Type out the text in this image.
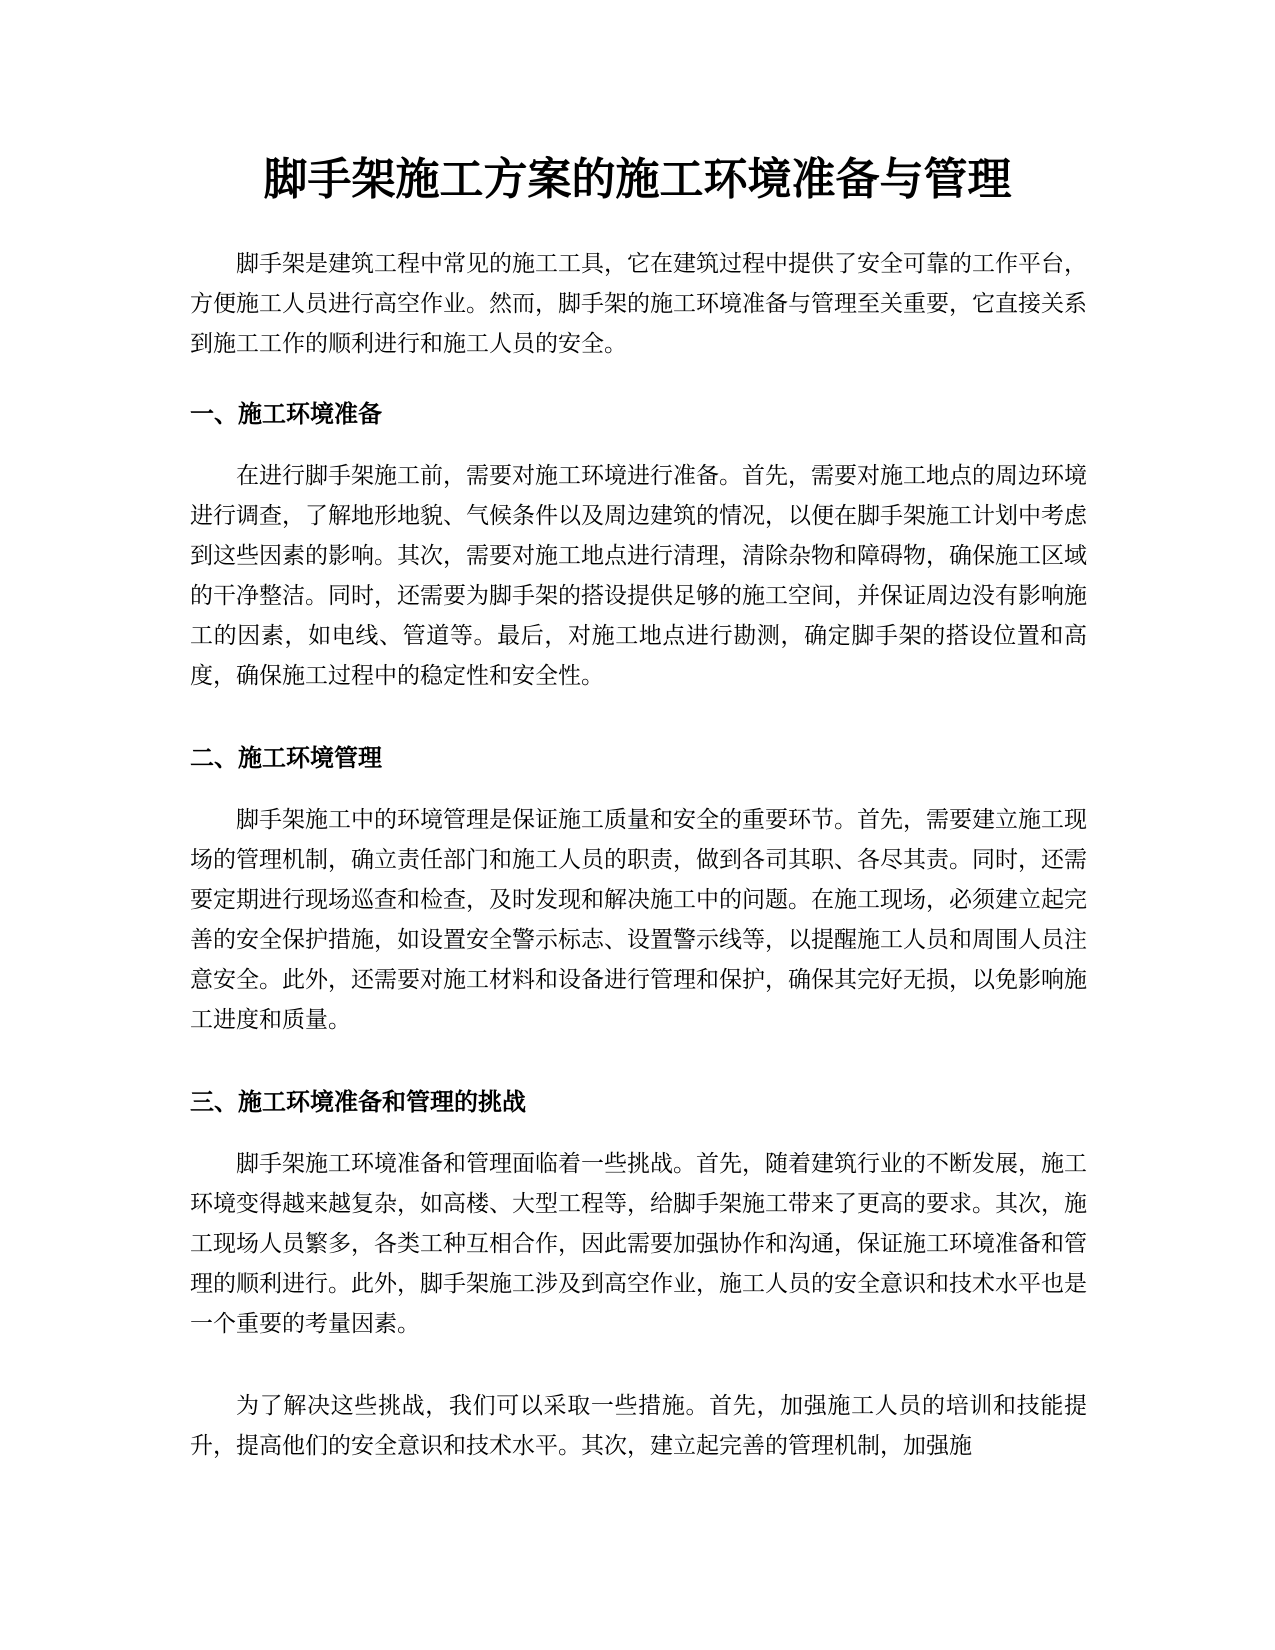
脚手架施工方案的施工环境准备与管理

脚手架是建筑工程中常见的施工工具，它在建筑过程中提供了安全可靠的工作平台，方便施工人员进行高空作业。然而，脚手架的施工环境准备与管理至关重要，它直接关系到施工工作的顺利进行和施工人员的安全。

一、施工环境准备

在进行脚手架施工前，需要对施工环境进行准备。首先，需要对施工地点的周边环境进行调查，了解地形地貌、气候条件以及周边建筑的情况，以便在脚手架施工计划中考虑到这些因素的影响。其次，需要对施工地点进行清理，清除杂物和障碍物，确保施工区域的干净整洁。同时，还需要为脚手架的搭设提供足够的施工空间，并保证周边没有影响施工的因素，如电线、管道等。最后，对施工地点进行勘测，确定脚手架的搭设位置和高度，确保施工过程中的稳定性和安全性。

二、施工环境管理

脚手架施工中的环境管理是保证施工质量和安全的重要环节。首先，需要建立施工现场的管理机制，确立责任部门和施工人员的职责，做到各司其职、各尽其责。同时，还需要定期进行现场巡查和检查，及时发现和解决施工中的问题。在施工现场，必须建立起完善的安全保护措施，如设置安全警示标志、设置警示线等，以提醒施工人员和周围人员注意安全。此外，还需要对施工材料和设备进行管理和保护，确保其完好无损，以免影响施工进度和质量。

三、施工环境准备和管理的挑战

脚手架施工环境准备和管理面临着一些挑战。首先，随着建筑行业的不断发展，施工环境变得越来越复杂，如高楼、大型工程等，给脚手架施工带来了更高的要求。其次，施工现场人员繁多，各类工种互相合作，因此需要加强协作和沟通，保证施工环境准备和管理的顺利进行。此外，脚手架施工涉及到高空作业，施工人员的安全意识和技术水平也是一个重要的考量因素。

为了解决这些挑战，我们可以采取一些措施。首先，加强施工人员的培训和技能提升，提高他们的安全意识和技术水平。其次，建立起完善的管理机制，加强施
